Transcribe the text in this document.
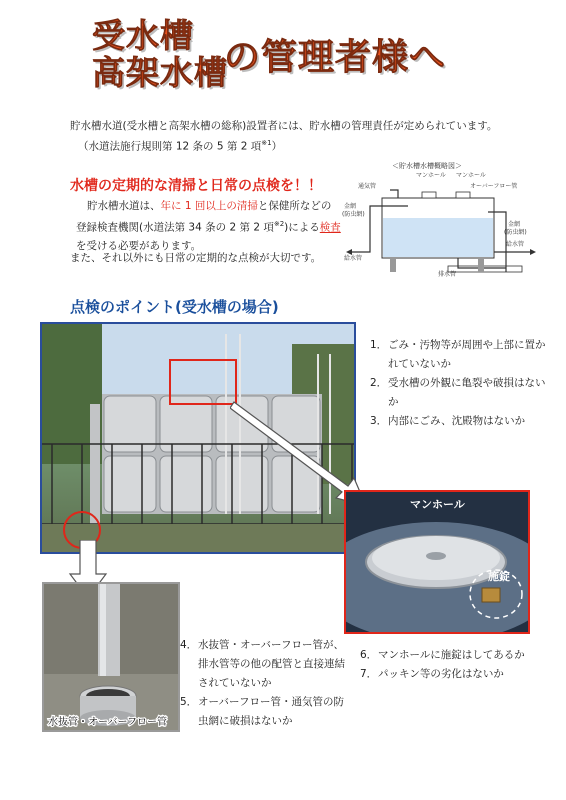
受水槽
高架水槽
の管理者様へ
貯水槽水道(受水槽と高架水槽の総称)設置者には、貯水槽の管理責任が定められています。
（水道法施行規則第 12 条の 5 第 2 項$^{※1}$）
水槽の定期的な清掃と日常の点検を！！
貯水槽水道は、年に 1 回以上の清掃と保健所などの登録検査機関(水道法第 34 条の 2 第 2 項$^{※2}$)による検査を受ける必要があります。
また、それ以外にも日常の定期的な点検が大切です。
＜貯水槽水槽概略図＞
マンホール マンホール
通気管	オーバーフロー管
金網
(防虫網)
金網
(防虫網)
給水管
給水管
排水管
点検のポイント(受水槽の場合)
1． ごみ・汚物等が周囲や上部に置かれていないか
2． 受水槽の外観に亀裂や破損はないか
3． 内部にごみ、沈殿物はないか
マンホール
施錠
水抜管・オーバーフロー管
4． 水抜管・オーバーフロー管が、排水管等の他の配管と直接連結されていないか
5． オーバーフロー管・通気管の防虫網に破損はないか
6． マンホールに施錠はしてあるか
7． パッキン等の劣化はないか
